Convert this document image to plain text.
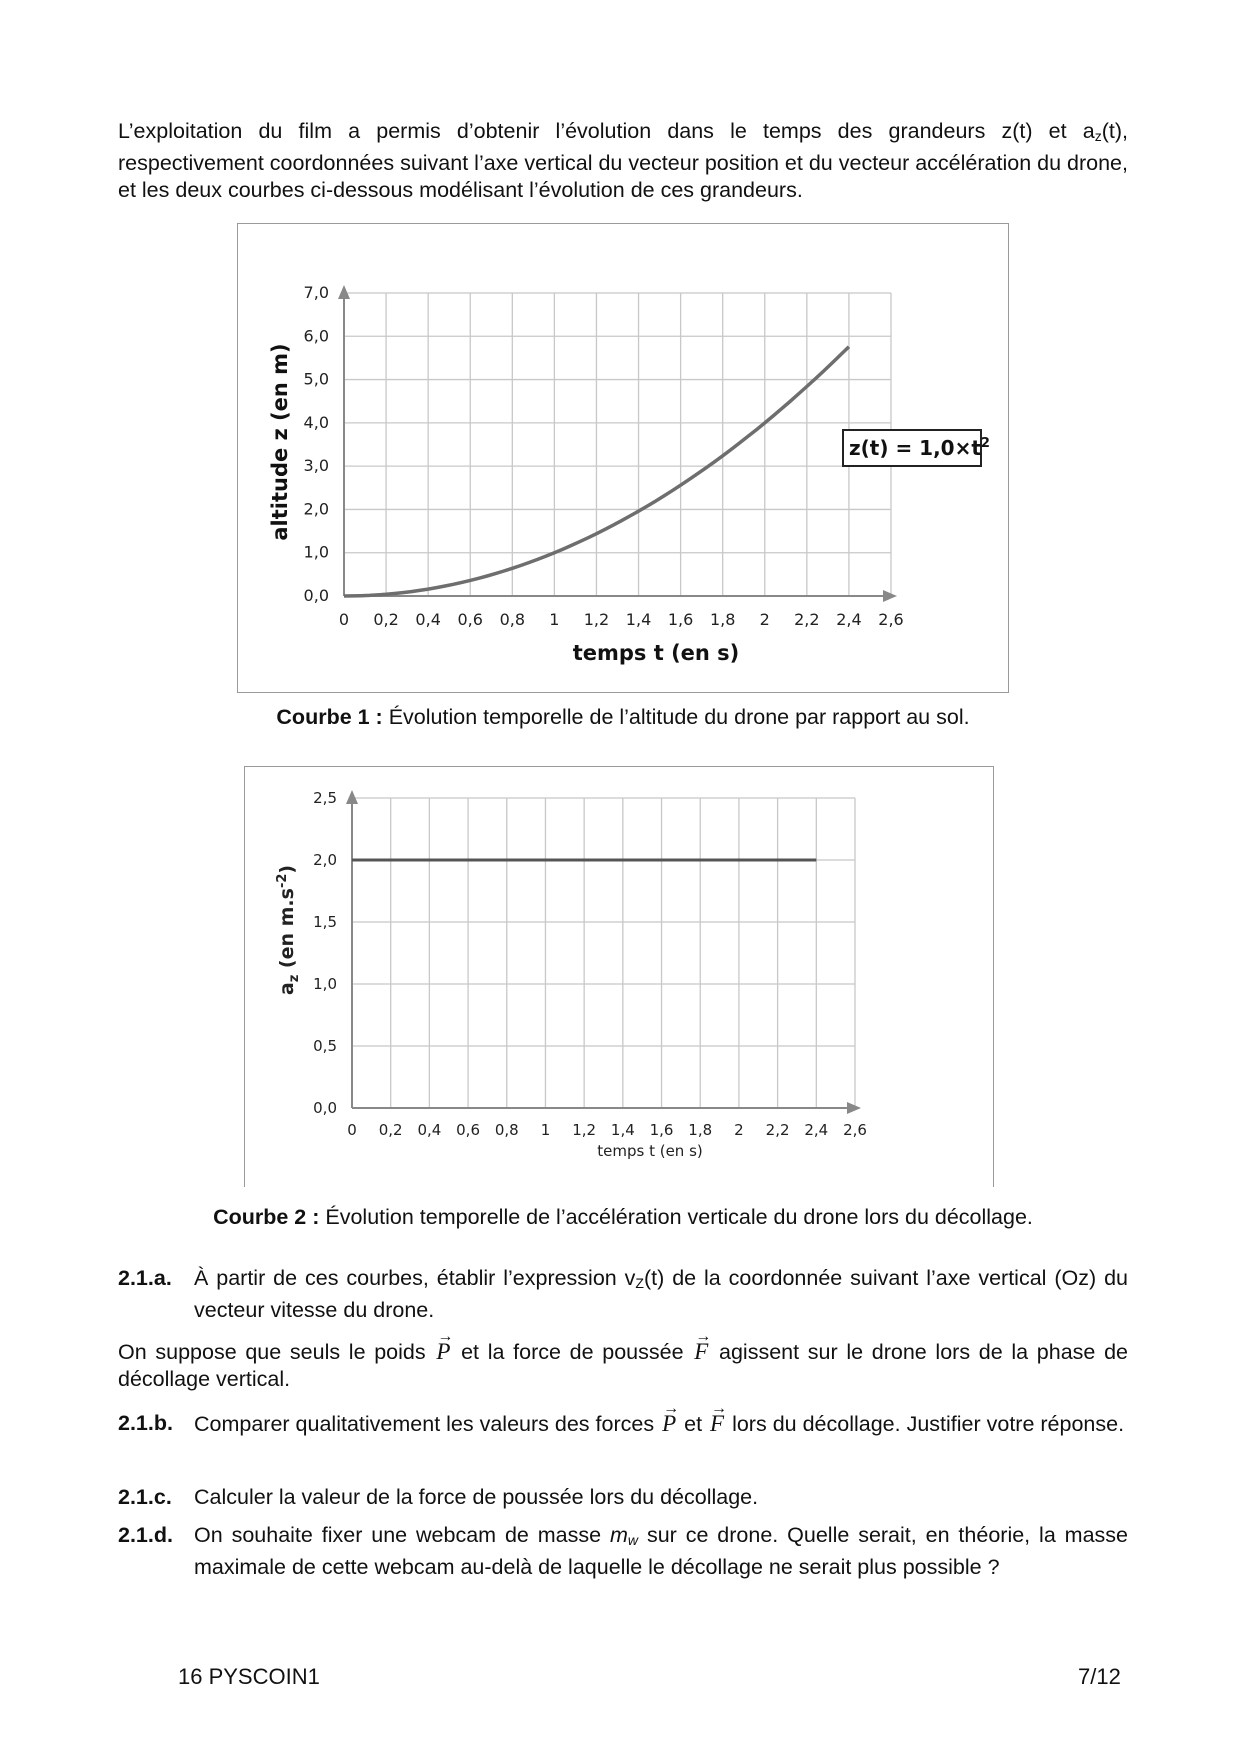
L’exploitation du film a permis d’obtenir l’évolution dans le temps des grandeurs z(t) et $a_z(t)$, respectivement coordonnées suivant l’axe vertical du vecteur position et du vecteur accélération du drone, et les deux courbes ci-dessous modélisant l’évolution de ces grandeurs.
0,0
1,0
2,0
3,0
4,0
5,0
6,0
7,0
0 0,2 0,4 0,6 0,8 1 1,2 1,4 1,6 1,8 2 2,2 2,4 2,6
$z(t) = 1,0\times t^2$
temps t (en s)
altitude z (en m)
Courbe 1 : Évolution temporelle de l’altitude du drone par rapport au sol.
0,0
0,5
1,0
1,5
2,0
2,5
0 0,2 0,4 0,6 0,8 1 1,2 1,4 1,6 1,8 2 2,2 2,4 2,6
temps t (en s)
$a_z$ (en $m.s^{-2}$)
Courbe 2 : Évolution temporelle de l’accélération verticale du drone lors du décollage.
2.1.a. À partir de ces courbes, établir l’expression $v_Z(t)$ de la coordonnée suivant l’axe vertical (Oz) du vecteur vitesse du drone.
On suppose que seuls le poids → P et la force de poussée → F agissent sur le drone lors de la phase de décollage vertical.
2.1.b. Comparer qualitativement les valeurs des forces → P et → F lors du décollage. Justifier votre réponse.
2.1.c. Calculer la valeur de la force de poussée lors du décollage.
2.1.d. On souhaite fixer une webcam de masse $m_w$ sur ce drone. Quelle serait, en théorie, la masse maximale de cette webcam au-delà de laquelle le décollage ne serait plus possible ?
16 PYSCOIN1	7/12
